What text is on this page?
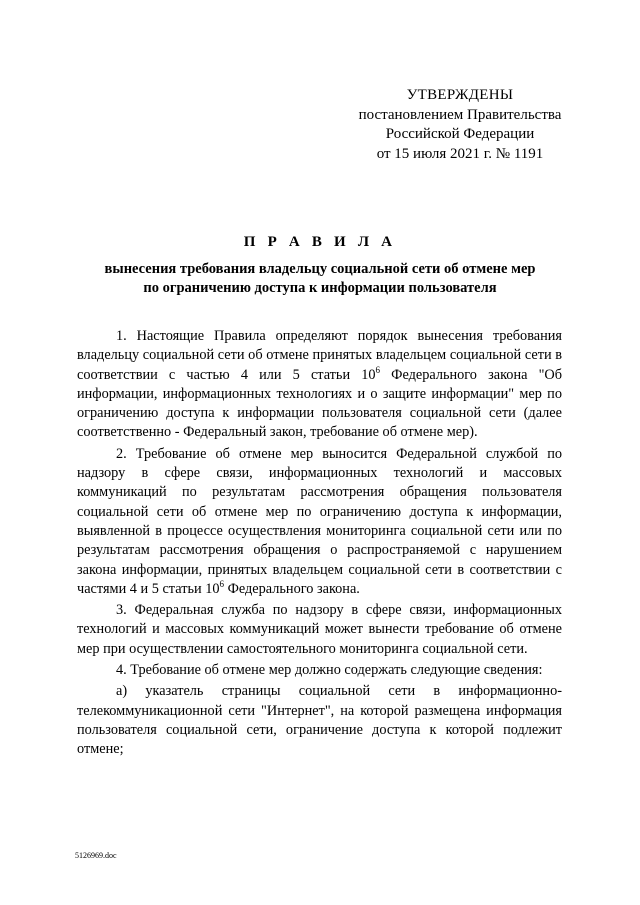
УТВЕРЖДЕНЫ
постановлением Правительства
Российской Федерации
от 15 июля 2021 г. № 1191
П Р А В И Л А
вынесения требования владельцу социальной сети об отмене мер
по ограничению доступа к информации пользователя

1. Настоящие Правила определяют порядок вынесения требования владельцу социальной сети об отмене принятых владельцем социальной сети в соответствии с частью 4 или 5 статьи $10^6$ Федерального закона "Об информации, информационных технологиях и о защите информации" мер по ограничению доступа к информации пользователя социальной сети (далее соответственно - Федеральный закон, требование об отмене мер).

2. Требование об отмене мер выносится Федеральной службой по надзору в сфере связи, информационных технологий и массовых коммуникаций по результатам рассмотрения обращения пользователя социальной сети об отмене мер по ограничению доступа к информации, выявленной в процессе осуществления мониторинга социальной сети или по результатам рассмотрения обращения о распространяемой с нарушением закона информации, принятых владельцем социальной сети в соответствии с частями 4 и 5 статьи $10^6$ Федерального закона.

3. Федеральная служба по надзору в сфере связи, информационных технологий и массовых коммуникаций может вынести требование об отмене мер при осуществлении самостоятельного мониторинга социальной сети.

4. Требование об отмене мер должно содержать следующие сведения:

а) указатель страницы социальной сети в информационно-телекоммуникационной сети "Интернет", на которой размещена информация пользователя социальной сети, ограничение доступа к которой подлежит отмене;

5126969.doc
